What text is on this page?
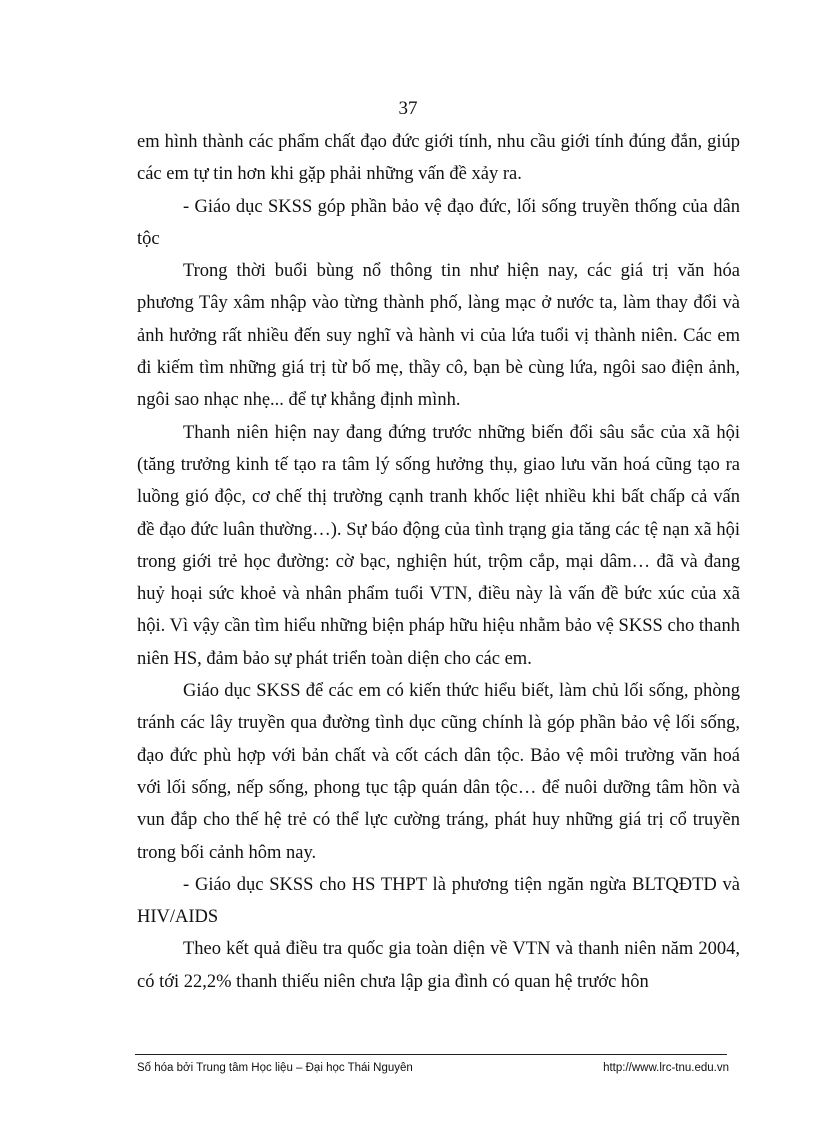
37

em hình thành các phẩm chất đạo đức giới tính, nhu cầu giới tính đúng đắn, giúp các em tự tin hơn khi gặp phải những vấn đề xảy ra.

- Giáo dục SKSS góp phần bảo vệ đạo đức, lối sống truyền thống của dân tộc

Trong thời buổi bùng nổ thông tin như hiện nay, các giá trị văn hóa phương Tây xâm nhập vào từng thành phố, làng mạc ở nước ta, làm thay đổi và ảnh hưởng rất nhiều đến suy nghĩ và hành vi của lứa tuổi vị thành niên. Các em đi kiếm tìm những giá trị từ bố mẹ, thầy cô, bạn bè cùng lứa, ngôi sao điện ảnh, ngôi sao nhạc nhẹ... để tự khẳng định mình.

Thanh niên hiện nay đang đứng trước những biến đổi sâu sắc của xã hội (tăng trưởng kinh tế tạo ra tâm lý sống hưởng thụ, giao lưu văn hoá cũng tạo ra luồng gió độc, cơ chế thị trường cạnh tranh khốc liệt nhiều khi bất chấp cả vấn đề đạo đức luân thường…). Sự báo động của tình trạng gia tăng các tệ nạn xã hội trong giới trẻ học đường: cờ bạc, nghiện hút, trộm cắp, mại dâm… đã và đang huỷ hoại sức khoẻ và nhân phẩm tuổi VTN, điều này là vấn đề bức xúc của xã hội. Vì vậy cần tìm hiểu những biện pháp hữu hiệu nhằm bảo vệ SKSS cho thanh niên HS, đảm bảo sự phát triển toàn diện cho các em.

Giáo dục SKSS để các em có kiến thức hiểu biết, làm chủ lối sống, phòng tránh các lây truyền qua đường tình dục cũng chính là góp phần bảo vệ lối sống, đạo đức phù hợp với bản chất và cốt cách dân tộc. Bảo vệ môi trường văn hoá với lối sống, nếp sống, phong tục tập quán dân tộc… để nuôi dưỡng tâm hồn và vun đắp cho thế hệ trẻ có thể lực cường tráng, phát huy những giá trị cổ truyền trong bối cảnh hôm nay.

- Giáo dục SKSS cho HS THPT là phương tiện ngăn ngừa BLTQĐTD và HIV/AIDS

Theo kết quả điều tra quốc gia toàn diện về VTN và thanh niên năm 2004, có tới 22,2% thanh thiếu niên chưa lập gia đình có quan hệ trước hôn

Số hóa bởi Trung tâm Học liệu – Đại học Thái Nguyên	http://www.lrc-tnu.edu.vn
